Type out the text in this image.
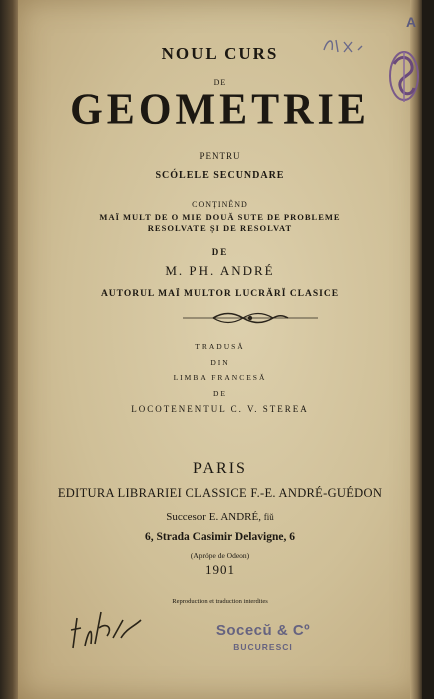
A
NOUL CURS
DE
GEOMETRIE
PENTRU
SCÓLELE SECUNDARE
CONȚINÊND
MAÏ MULT DE O MIE DOUĂ SUTE DE PROBLEME
RESOLVATE ȘI DE RESOLVAT
DE
M. PH. ANDRÉ
AUTORUL MAÏ MULTOR LUCRĂRĬ CLASICE
TRADUSĂ
DIN
LIMBA FRANCESĂ
DE
LOCOTENENTUL C. V. STEREA
PARIS
EDITURA LIBRARIEI CLASSICE F.-E. ANDRÉ-GUÉDON
Succesor E. ANDRÉ, fiŭ
6, Strada Casimir Delavigne, 6
(Aprópe de Odeon)
1901
Reproduction et traduction interdites
Socecŭ & Cº
BUCURESCI
